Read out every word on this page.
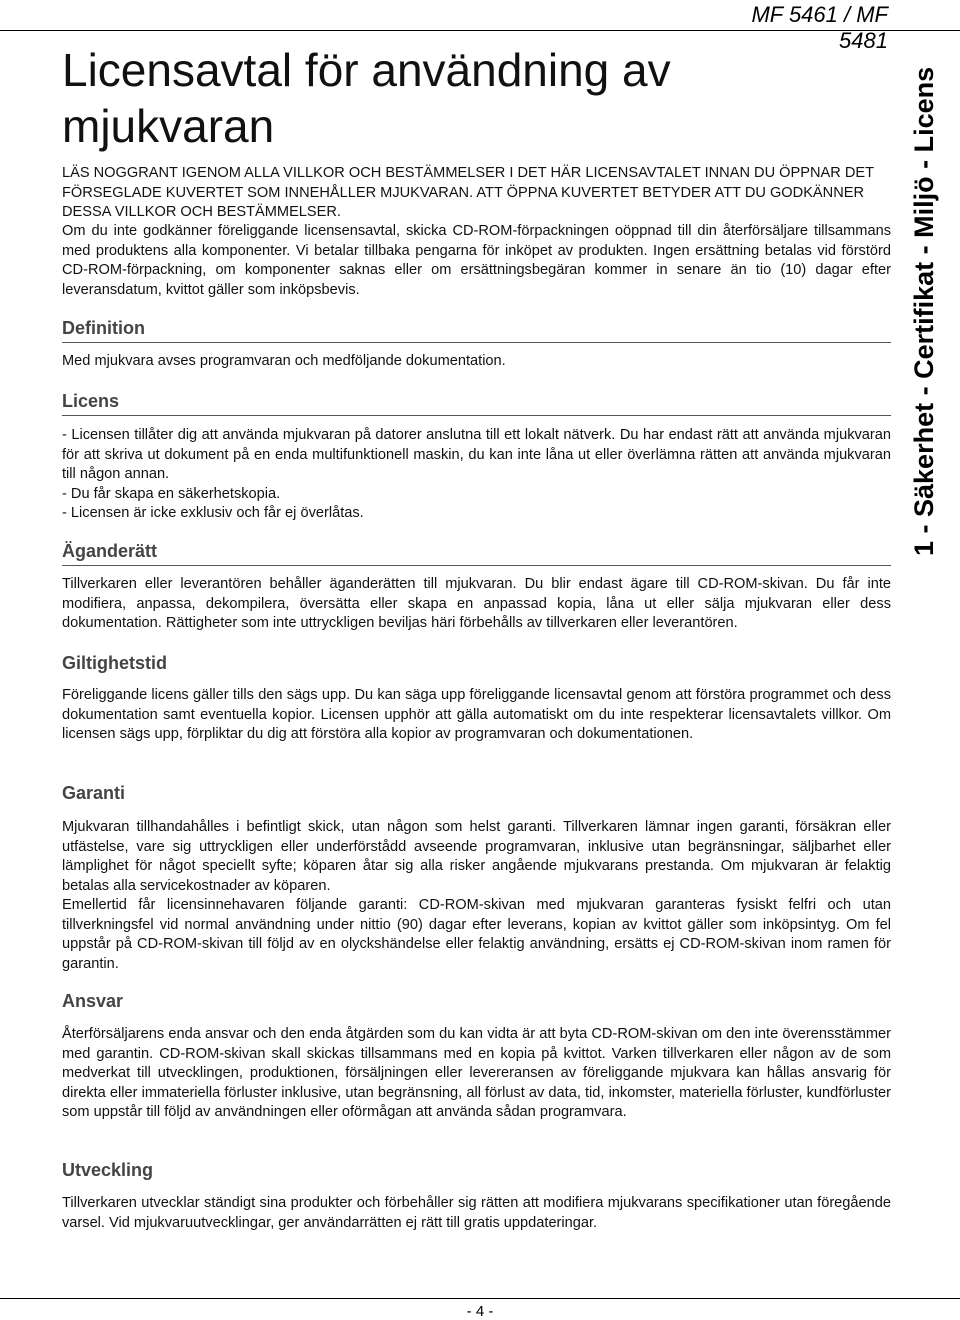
MF 5461 / MF 5481
Licensavtal för användning av
mjukvaran	1 - Säkerhet - Certifikat - Miljö - Licens

LÄS NOGGRANT IGENOM ALLA VILLKOR OCH BESTÄMMELSER I DET HÄR LICENSAVTALET INNAN DU ÖPPNAR DET FÖRSEGLADE KUVERTET SOM INNEHÅLLER MJUKVARAN. ATT ÖPPNA KUVERTET BETYDER ATT DU GODKÄNNER DESSA VILLKOR OCH BESTÄMMELSER.

Om du inte godkänner föreliggande licensensavtal, skicka CD-ROM-förpackningen oöppnad till din återförsäljare tillsammans med produktens alla komponenter. Vi betalar tillbaka pengarna för inköpet av produkten. Ingen ersättning betalas vid förstörd CD-ROM-förpackning, om komponenter saknas eller om ersättningsbegäran kommer in senare än tio (10) dagar efter leveransdatum, kvittot gäller som inköpsbevis.

Definition

Med mjukvara avses programvaran och medföljande dokumentation.

Licens

- Licensen tillåter dig att använda mjukvaran på datorer anslutna till ett lokalt nätverk. Du har endast rätt att använda mjukvaran för att skriva ut dokument på en enda multifunktionell maskin, du kan inte låna ut eller överlämna rätten att använda mjukvaran till någon annan.

- Du får skapa en säkerhetskopia.

- Licensen är icke exklusiv och får ej överlåtas.

Äganderätt

Tillverkaren eller leverantören behåller äganderätten till mjukvaran. Du blir endast ägare till CD-ROM-skivan. Du får inte modifiera, anpassa, dekompilera, översätta eller skapa en anpassad kopia, låna ut eller sälja mjukvaran eller dess dokumentation. Rättigheter som inte uttryckligen beviljas häri förbehålls av tillverkaren eller leverantören.

Giltighetstid

Föreliggande licens gäller tills den sägs upp. Du kan säga upp föreliggande licensavtal genom att förstöra programmet och dess dokumentation samt eventuella kopior. Licensen upphör att gälla automatiskt om du inte respekterar licensavtalets villkor. Om licensen sägs upp, förpliktar du dig att förstöra alla kopior av programvaran och dokumentationen.

Garanti

Mjukvaran tillhandahålles i befintligt skick, utan någon som helst garanti. Tillverkaren lämnar ingen garanti, försäkran eller utfästelse, vare sig uttryckligen eller underförstådd avseende programvaran, inklusive utan begränsningar, säljbarhet eller lämplighet för något speciellt syfte; köparen åtar sig alla risker angående mjukvarans prestanda. Om mjukvaran är felaktig betalas alla servicekostnader av köparen.

Emellertid får licensinnehavaren följande garanti: CD-ROM-skivan med mjukvaran garanteras fysiskt felfri och utan tillverkningsfel vid normal användning under nittio (90) dagar efter leverans, kopian av kvittot gäller som inköpsintyg. Om fel uppstår på CD-ROM-skivan till följd av en olyckshändelse eller felaktig användning, ersätts ej CD-ROM-skivan inom ramen för garantin.

Ansvar

Återförsäljarens enda ansvar och den enda åtgärden som du kan vidta är att byta CD-ROM-skivan om den inte överensstämmer med garantin. CD-ROM-skivan skall skickas tillsammans med en kopia på kvittot. Varken tillverkaren eller någon av de som medverkat till utvecklingen, produktionen, försäljningen eller levereransen av föreliggande mjukvara kan hållas ansvarig för direkta eller immateriella förluster inklusive, utan begränsning, all förlust av data, tid, inkomster, materiella förluster, kundförluster som uppstår till följd av användningen eller oförmågan att använda sådan programvara.

Utveckling

Tillverkaren utvecklar ständigt sina produkter och förbehåller sig rätten att modifiera mjukvarans specifikationer utan föregående varsel. Vid mjukvaruutvecklingar, ger användarrätten ej rätt till gratis uppdateringar.

- 4 -
